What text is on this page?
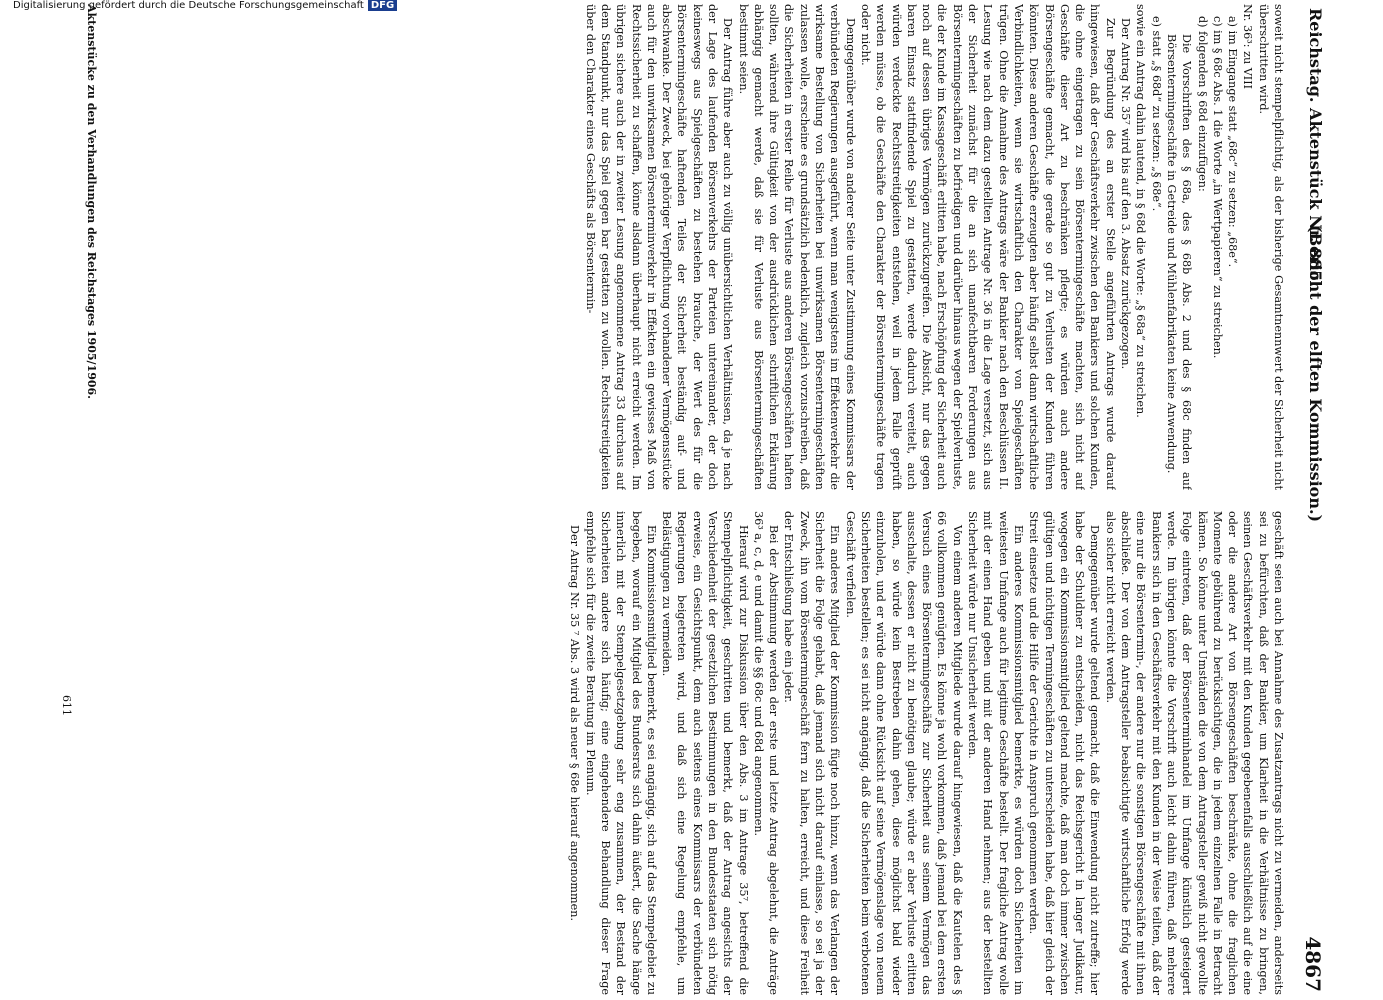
Reichstag. Aktenstück Nr. 885.
(Bericht der elften Kommission.)
4867

soweit nicht stempelpflichtig, als der bisherige Gesamtnennwert der Sicherheit nicht überschritten wird.

Nr. 36³: zu VIII

a) im Eingange statt „68c“ zu setzen: „68e“.

c) im § 68c Abs. 1 die Worte „in Wertpapieren“ zu streichen.

d) folgenden § 68d einzufügen:

Die Vorschriften des § 68a, des § 68b Abs. 2 und des § 68c finden auf Börsentermingeschäfte in Getreide und Mühlenfabrikaten keine Anwendung.

e) statt „§ 68d“ zu setzen: „§ 68e“.

sowie ein Antrag dahin lautend, in § 68d die Worte: „§ 68a“ zu streichen.

Der Antrag Nr. 35⁷ wird bis auf den 3. Absatz zurückgezogen.

Zur Begründung des an erster Stelle angeführten Antrags wurde darauf hingewiesen, daß der Geschäftsverkehr zwischen den Bankiers und solchen Kunden, die ohne eingetragen zu sein Börsentermingeschäfte machten, sich nicht auf Geschäfte dieser Art zu beschränken pflegte; es würden auch andere Börsengeschäfte gemacht, die gerade so gut zu Verlusten der Kunden führen könnten. Diese anderen Geschäfte erzeugten aber häufig selbst dann wirtschaftliche Verbindlichkeiten, wenn sie wirtschaftlich den Charakter von Spielgeschäften trügen. Ohne die Annahme des Antrags wäre der Bankier nach den Beschlüssen II. Lesung wie nach dem dazu gestellten Antrage Nr. 36 in die Lage versetzt, sich aus der Sicherheit zunächst für die an sich unanfechtbaren Forderungen aus Börsentermingeschäften zu befriedigen und darüber hinaus wegen der Spielverluste, die der Kunde im Kassageschäft erlitten habe, nach Erschöpfung der Sicherheit auch noch auf dessen übriges Vermögen zurückzugreifen. Die Absicht, nur das gegen baren Einsatz stattfindende Spiel zu gestatten, werde dadurch vereitelt, auch würden verdeckte Rechtsstreitigkeiten entstehen, weil in jedem Falle geprüft werden müsse, ob die Geschäfte den Charakter der Börsentermingeschäfte tragen oder nicht.

Demgegenüber wurde von anderer Seite unter Zustimmung eines Kommissars der verbündeten Regierungen ausgeführt, wenn man wenigstens im Effektenverkehr die wirksame Bestellung von Sicherheiten bei unwirksamen Börsentermingeschäften zulassen wolle, erscheine es grundsätzlich bedenklich, zugleich vorzuschreiben, daß die Sicherheiten in erster Reihe für Verluste aus anderen Börsengeschäften haften sollten, während ihre Gültigkeit von der ausdrücklichen schriftlichen Erklärung abhängig gemacht werde, daß sie für Verluste aus Börsentermingeschäften bestimmt seien.

Der Antrag führe aber auch zu völlig unübersichtlichen Verhältnissen, da je nach der Lage des laufenden Börsenverkehrs der Parteien untereinander, der doch keineswegs aus Spielgeschäften zu bestehen brauche, der Wert des für die Börsentermingeschäfte haftenden Teiles der Sicherheit beständig auf- und abschwanke. Der Zweck, bei gehöriger Verpflichtung vorhandener Vermögensstücke auch für den unwirksamen Börsenterminverkehr in Effekten ein gewisses Maß von Rechtssicherheit zu schaffen, könne alsdann überhaupt nicht erreicht werden. Im übrigen sichere auch der in zweiter Lesung angenommene Antrag 33 durchaus auf dem Standpunkt, nur das Spiel gegen bar gestatten zu wollen. Rechtsstreitigkeiten über den Charakter eines Geschäfts als Börsentermin-

geschäft seien auch bei Annahme des Zusatzantrags nicht zu vermeiden, anderseits sei zu befürchten, daß der Bankier, um Klarheit in die Verhältnisse zu bringen, seinen Geschäftsverkehr mit den Kunden gegebenenfalls ausschließlich auf die eine oder die andere Art von Börsengeschäften beschränke, ohne die fraglichen Momente gebührend zu berücksichtigen, die in jedem einzelnen Falle in Betracht kämen. So könne unter Umständen die von dem Antragsteller gewiß nicht gewollte Folge eintreten, daß der Börsenterminhandel im Umfange künstlich gesteigert werde. Im übrigen könnte die Vorschrift auch leicht dahin führen, daß mehrere Bankiers sich in den Geschäftsverkehr mit den Kunden in der Weise teilten, daß der eine nur die Börsentermin-, der andere nur die sonstigen Börsengeschäfte mit ihnen abschließe. Der von dem Antragsteller beabsichtigte wirtschaftliche Erfolg werde also sicher nicht erreicht werden.

Demgegenüber wurde geltend gemacht, daß die Einwendung nicht zutreffe; hier habe der Schuldner zu entscheiden, nicht das Reichsgericht in langer Judikatur, wogegen ein Kommissionsmitglied geltend machte, daß man doch immer zwischen gültigen und nichtigen Termingeschäften zu unterscheiden habe, daß hier gleich der Streit einsetze und die Hilfe der Gerichte in Anspruch genommen werden.

Ein anderes Kommissionsmitglied bemerkte, es würden doch Sicherheiten im weitesten Umfange auch für legitime Geschäfte bestellt. Der fragliche Antrag wolle mit der einen Hand geben und mit der anderen Hand nehmen; aus der bestellten Sicherheit würde nur Unsicherheit werden.

Von einem anderen Mitgliede wurde darauf hingewiesen, daß die Kautelen des § 66 vollkommen genügten. Es könne ja wohl vorkommen, daß jemand bei dem ersten Versuch eines Börsentermingeschäfts zur Sicherheit aus seinem Vermögen das ausschalte, dessen er nicht zu benötigen glaube; würde er aber Verluste erlitten haben, so würde kein Bestreben dahin gehen, diese möglichst bald wieder einzuholen, und er würde dann ohne Rücksicht auf seine Vermögenslage von neuem Sicherheiten bestellen; es sei nicht angängig, daß die Sicherheiten beim verbotenen Geschäft verfielen.

Ein anderes Mitglied der Kommission fügte noch hinzu, wenn das Verlangen der Sicherheit die Folge gehabt, daß jemand sich nicht darauf einlasse, so sei ja der Zweck, ihn vom Börsentermingeschäft fern zu halten, erreicht, und diese Freiheit der Entschließung habe ein jeder.

Bei der Abstimmung werden der erste und letzte Antrag abgelehnt, die Anträge 36³ a, c, d, e und damit die §§ 68c und 68d angenommen.

Hierauf wird zur Diskussion über den Abs. 3 im Antrage 35⁷, betreffend die Stempelpflichtigkeit, geschritten und bemerkt, daß der Antrag angesichts der Verschiedenheit der gesetzlichen Bestimmungen in den Bundesstaaten sich nötig erweise, ein Gesichtspunkt, dem auch seitens eines Kommissars der verbündeten Regierungen beigetreten wird, und daß sich eine Regelung empfehle, um Belästigungen zu vermeiden.

Ein Kommissionsmitglied bemerkt, es sei angängig, sich auf das Stempelgebiet zu begeben, worauf ein Mitglied des Bundesrats sich dahin äußert, die Sache hänge innerlich mit der Stempelgesetzgebung sehr eng zusammen, der Bestand der Sicherheiten andere sich häufig; eine eingehendere Behandlung dieser Frage empfehle sich für die zweite Beratung im Plenum.

Der Antrag Nr. 35 ⁷ Abs. 3 wird als neuer § 68e hierauf angenommen.

Aktenstücke zu den Verhandlungen des Reichstages 1905/1906.
611
Digitalisierung gefördert durch die Deutsche Forschungsgemeinschaft DFG
